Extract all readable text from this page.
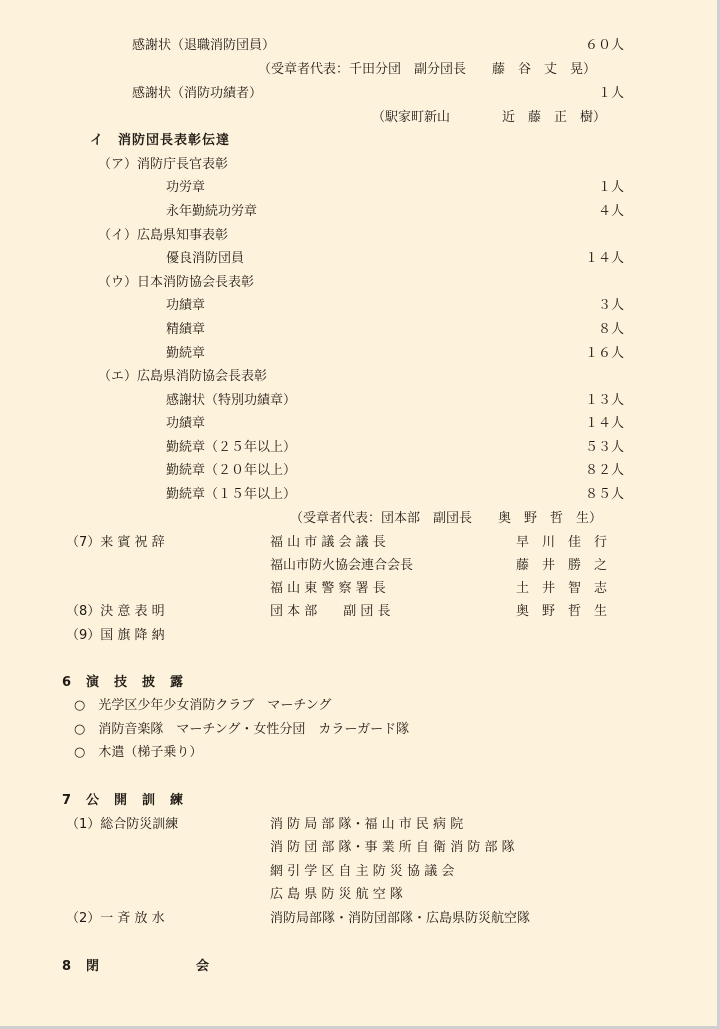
感謝状（退職消防団員）	６０人
（受章者代表：千田分団　副分団長　　藤　谷　丈　晃）
感謝状（消防功績者）	１人
（駅家町新山　　　　近　藤　正　樹）
イ　消防団長表彰伝達
（ア）消防庁長官表彰
功労章	１人
永年勤続功労章	４人
（イ）広島県知事表彰
優良消防団員	１４人
（ウ）日本消防協会長表彰
功績章	３人
精績章	８人
勤続章	１６人
（エ）広島県消防協会長表彰
感謝状（特別功績章）	１３人
功績章	１４人
勤続章（２５年以上）	５３人
勤続章（２０年以上）	８２人
勤続章（１５年以上）	８５人
（受章者代表：団本部　副団長　　奥　野　哲　生）
（7）来 賓 祝 辞	福 山 市 議 会 議 長	早　川　佳　行
福山市防火協会連合会長	藤　井　勝　之
福 山 東 警 察 署 長	土　井　智　志
（8）決 意 表 明	団 本 部　　副 団 長	奥　野　哲　生
（9）国 旗 降 納
6　演　技　披　露
○　光学区少年少女消防クラブ　マーチング
○　消防音楽隊　マーチング・女性分団　カラーガード隊
○　木遣（梯子乗り）
7　公　開　訓　練
（1）総合防災訓練	消 防 局 部 隊・福 山 市 民 病 院
消 防 団 部 隊・事 業 所 自 衛 消 防 部 隊
網 引 学 区 自 主 防 災 協 議 会
広 島 県 防 災 航 空 隊
（2）一 斉 放 水	消防局部隊・消防団部隊・広島県防災航空隊
8　閉	会
